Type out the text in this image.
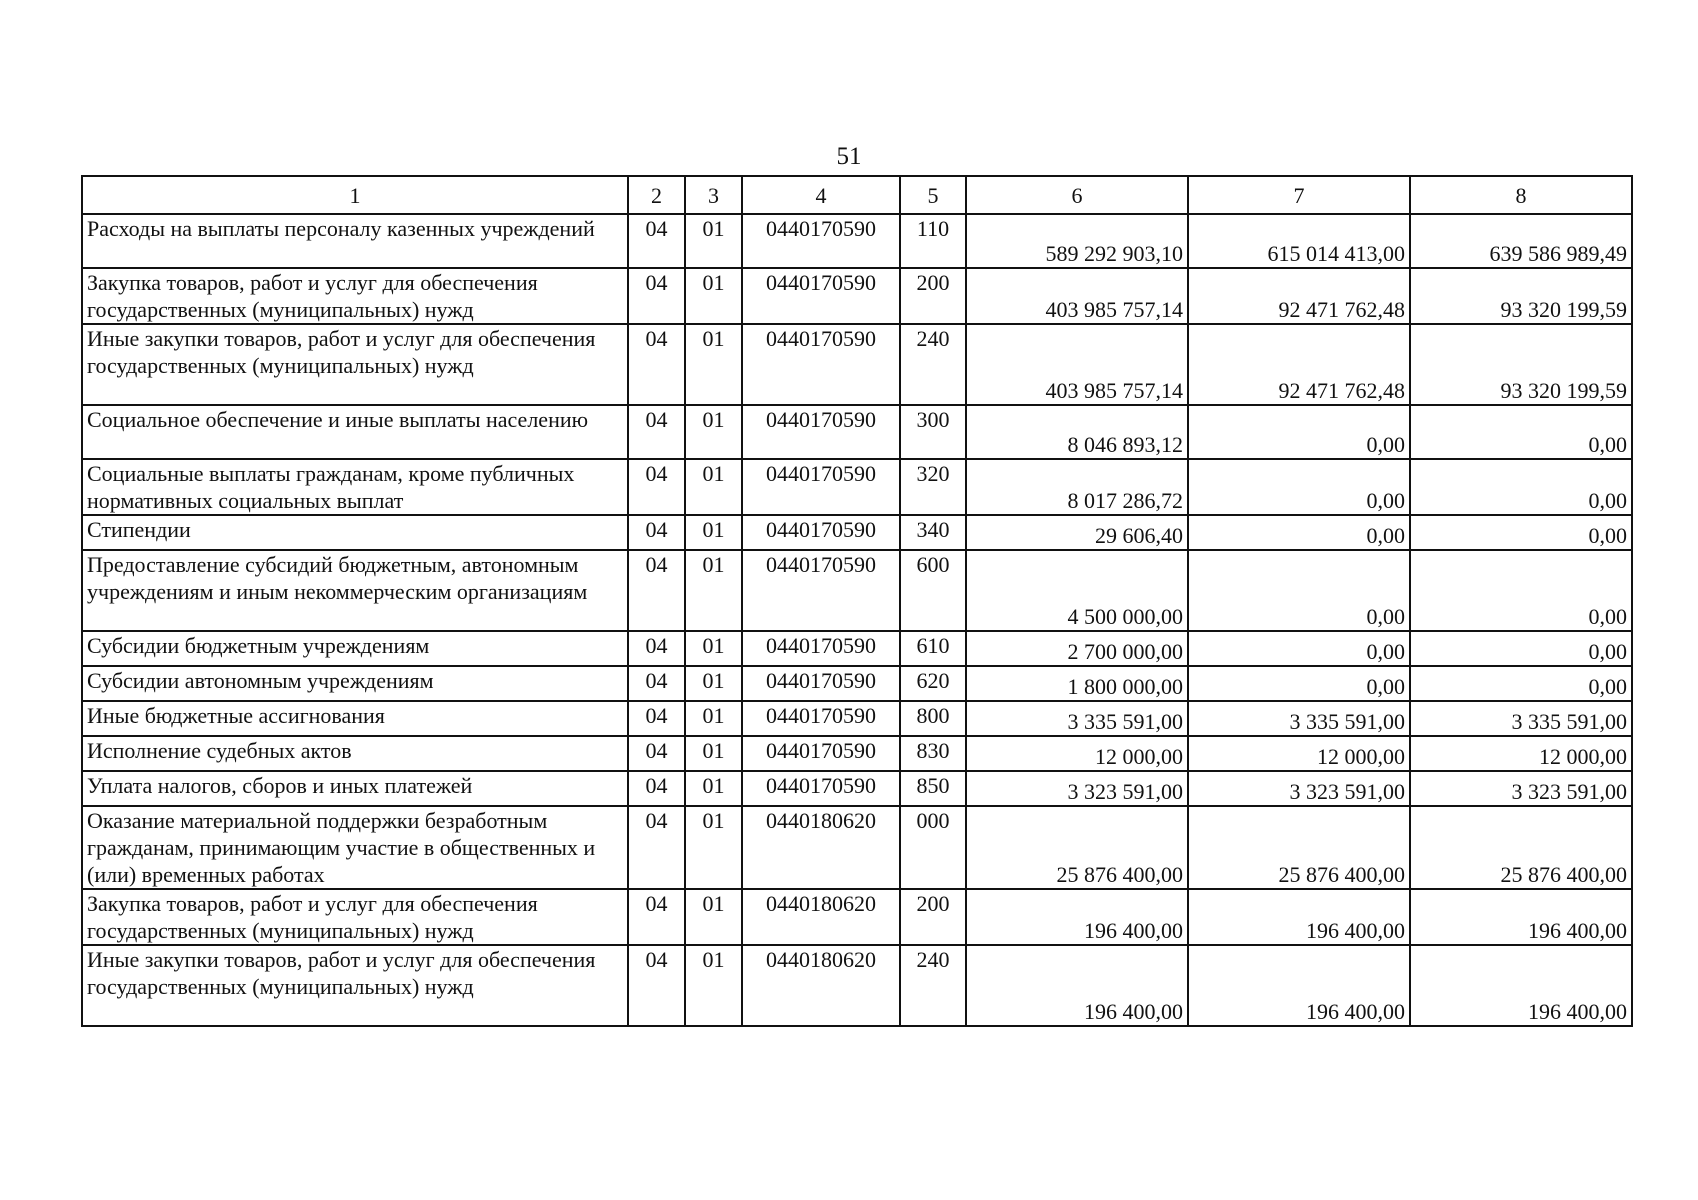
51
1	2	3	4	5	6	7	8
Расходы на выплаты персоналу казенных учреждений	04	01	0440170590	110	589 292 903,10	615 014 413,00	639 586 989,49
Закупка товаров, работ и услуг для обеспечения государственных (муниципальных) нужд	04	01	0440170590	200	403 985 757,14	92 471 762,48	93 320 199,59
Иные закупки товаров, работ и услуг для обеспечения государственных (муниципальных) нужд	04	01	0440170590	240	403 985 757,14	92 471 762,48	93 320 199,59
Социальное обеспечение и иные выплаты населению	04	01	0440170590	300	8 046 893,12	0,00	0,00
Социальные выплаты гражданам, кроме публичных нормативных социальных выплат	04	01	0440170590	320	8 017 286,72	0,00	0,00
Стипендии	04	01	0440170590	340	29 606,40	0,00	0,00
Предоставление субсидий бюджетным, автономным учреждениям и иным некоммерческим организациям	04	01	0440170590	600	4 500 000,00	0,00	0,00
Субсидии бюджетным учреждениям	04	01	0440170590	610	2 700 000,00	0,00	0,00
Субсидии автономным учреждениям	04	01	0440170590	620	1 800 000,00	0,00	0,00
Иные бюджетные ассигнования	04	01	0440170590	800	3 335 591,00	3 335 591,00	3 335 591,00
Исполнение судебных актов	04	01	0440170590	830	12 000,00	12 000,00	12 000,00
Уплата налогов, сборов и иных платежей	04	01	0440170590	850	3 323 591,00	3 323 591,00	3 323 591,00
Оказание материальной поддержки безработным гражданам, принимающим участие в общественных и (или) временных работах	04	01	0440180620	000	25 876 400,00	25 876 400,00	25 876 400,00
Закупка товаров, работ и услуг для обеспечения государственных (муниципальных) нужд	04	01	0440180620	200	196 400,00	196 400,00	196 400,00
Иные закупки товаров, работ и услуг для обеспечения государственных (муниципальных) нужд	04	01	0440180620	240	196 400,00	196 400,00	196 400,00
